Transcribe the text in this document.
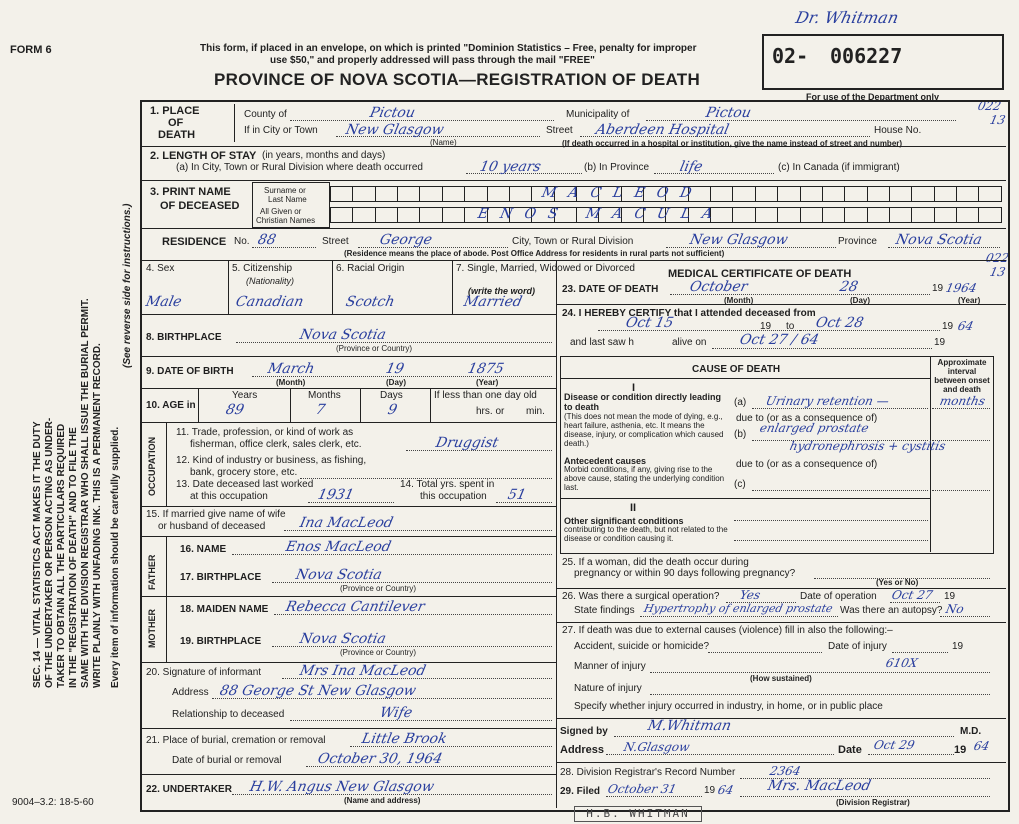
FORM 6	This form, if placed in an envelope, on which is printed "Dominion Statistics – Free, penalty for improper
use $50," and properly addressed will pass through the mail "FREE"
PROVINCE OF NOVA SCOTIA—REGISTRATION OF DEATH
02- 006227
Dr. Whitman
For use of the Department only
022
13
022
13
SEC. 14 — VITAL STATISTICS ACT MAKES IT THE DUTY OF THE UNDERTAKER OR PERSON ACTING AS UNDER- TAKER TO OBTAIN ALL THE PARTICULARS REQUIRED IN THE "REGISTRATION OF DEATH" AND TO FILE THE SAME WITH THE DIVISION REGISTRAR WHO SHALL ISSUE THE BURIAL PERMIT. WRITE PLAINLY WITH UNFADING INK. THIS IS A PERMANENT RECORD. Every item of information should be carefully supplied.
(See reverse side for instructions.)
9004–3.2: 18-5-60
1. PLACE
OF
DEATH
County of	Pictou	Municipality of	Pictou
If in City or Town New Glasgow
(Name)
Street Aberdeen Hospital	House No.
(If death occurred in a hospital or institution, give the name instead of street and number)
2. LENGTH OF STAY (in years, months and days)
(a) In City, Town or Rural Division where death occurred	10 years	(b) In Province life	(c) In Canada (if immigrant)
3. PRINT NAME
OF DECEASED
Surname or
Last Name
All Given or
Christian Names
MACLEOD
ENOS MACULA
RESIDENCE No. 88	Street George	City, Town or Rural Division	New Glasgow	Province Nova Scotia
(Residence means the place of abode. Post Office Address for residents in rural parts not sufficient)
4. Sex	5. Citizenship
(Nationality)
6. Racial Origin	7. Single, Married, Widowed or Divorced
(write the word)
Male	Canadian	Scotch	Married
8. BIRTHPLACE	Nova Scotia
(Province or Country)
9. DATE OF BIRTH March	19	1875
(Month)	(Day)	(Year)
10. AGE in
Years
89
Months
7
Days
9
If less than one day old
hrs. or min.
OCCUPATION
11. Trade, profession, or kind of work as
fisherman, office clerk, sales clerk, etc.	Druggist
12. Kind of industry or business, as fishing,
bank, grocery store, etc.
13. Date deceased last worked
at this occupation	1931
14. Total yrs. spent in
this occupation 51
15. If married give name of wife
or husband of deceased Ina MacLeod
FATHER
16. NAME	Enos MacLeod
17. BIRTHPLACE Nova Scotia
(Province or Country)
MOTHER 18. MAIDEN NAME Rebecca Cantilever
19. BIRTHPLACE	Nova Scotia
(Province or Country)
20. Signature of informant	Mrs Ina MacLeod
Address 88 George St New Glasgow
Relationship to deceased	Wife
21. Place of burial, cremation or removal Little Brook
Date of burial or removal October 30, 1964
22. UNDERTAKER H.W. Angus New Glasgow
(Name and address)
MEDICAL CERTIFICATE OF DEATH
23. DATE OF DEATH October	28	19 1964
(Month)	(Day)	(Year)
24. I HEREBY CERTIFY that I attended deceased from
Oct 15	19 to Oct 28	19 64
and last saw h	alive on Oct 27 / 64	19
CAUSE OF DEATH
Approximate interval between onset and death
I
Disease or condition directly leading to death
(This does not mean the mode of dying, e.g., heart failure, asthenia, etc. It means the disease, injury, or complication which caused death.)
(a) Urinary retention —	months
due to (or as a consequence of)
(b) enlarged prostate
hydronephrosis + cystitis
Antecedent causes
Morbid conditions, if any, giving rise to the above cause, stating the underlying condition last.
due to (or as a consequence of)
(c)
II
Other significant conditions
contributing to the death, but not related to the disease or condition causing it.
25. If a woman, did the death occur during
pregnancy or within 90 days following pregnancy?
(Yes or No)
26. Was there a surgical operation? Yes	Date of operation Oct 27 19
State findings Hypertrophy of enlarged prostate Was there an autopsy? No
27. If death was due to external causes (violence) fill in also the following:–
Accident, suicide or homicide?	Date of injury	19
Manner of injury	610X
(How sustained)
Nature of injury
Specify whether injury occurred in industry, in home, or in public place
Signed by	M.Whitman	M.D.
Address N.Glasgow	Date Oct 29	19 64
28. Division Registrar's Record Number	2364
29. Filed October 31	19 64 Mrs. MacLeod
(Division Registrar)
H.B. WHITMAN
